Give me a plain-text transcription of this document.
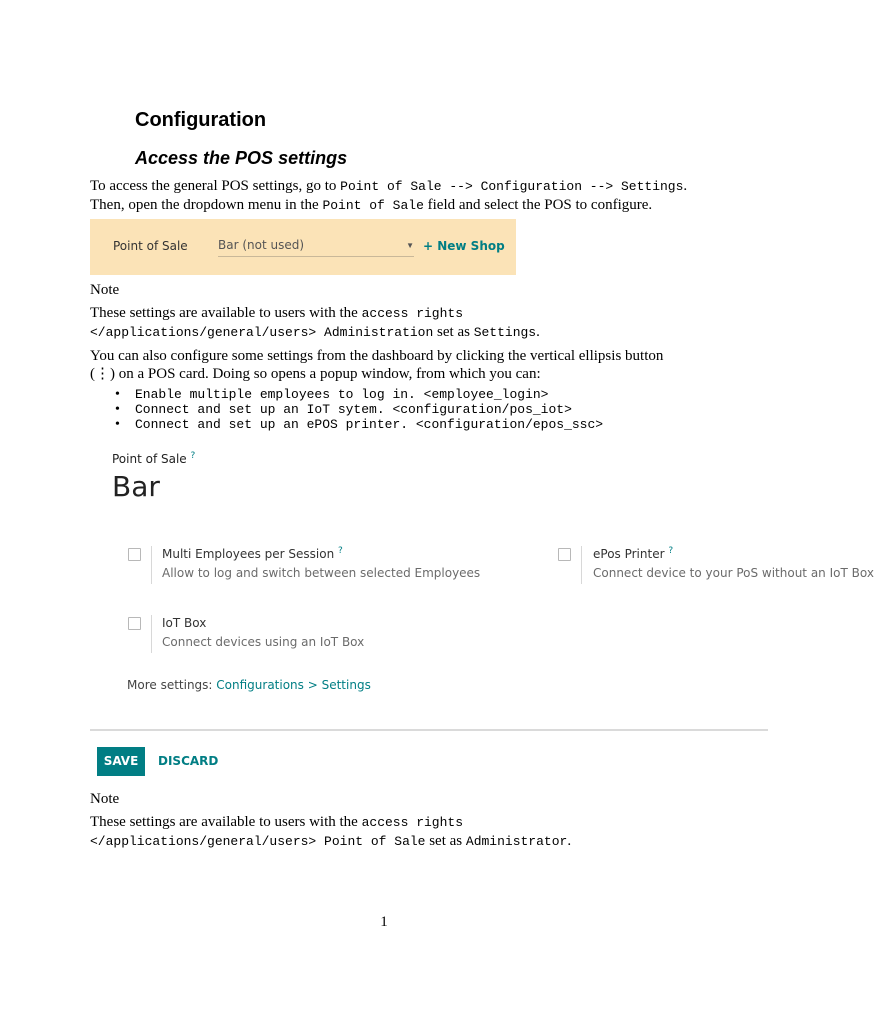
Configuration
Access the POS settings
To access the general POS settings, go to Point of Sale --> Configuration --> Settings.
Then, open the dropdown menu in the Point of Sale field and select the POS to configure.
Point of Sale	Bar (not used)	▼ + New Shop
Note
These settings are available to users with the access rights
</applications/general/users> Administration set as Settings.
You can also configure some settings from the dashboard by clicking the vertical ellipsis button
(⋮) on a POS card. Doing so opens a popup window, from which you can:
• Enable multiple employees to log in. <employee_login>
• Connect and set up an IoT sytem. <configuration/pos_iot>
• Connect and set up an ePOS printer. <configuration/epos_ssc>
Point of Sale ?
Bar
Multi Employees per Session ?
Allow to log and switch between selected Employees
ePos Printer ?
Connect device to your PoS without an IoT Box
IoT Box
Connect devices using an IoT Box
More settings: Configurations > Settings
SAVE	DISCARD
Note
These settings are available to users with the access rights
</applications/general/users> Point of Sale set as Administrator.
1
